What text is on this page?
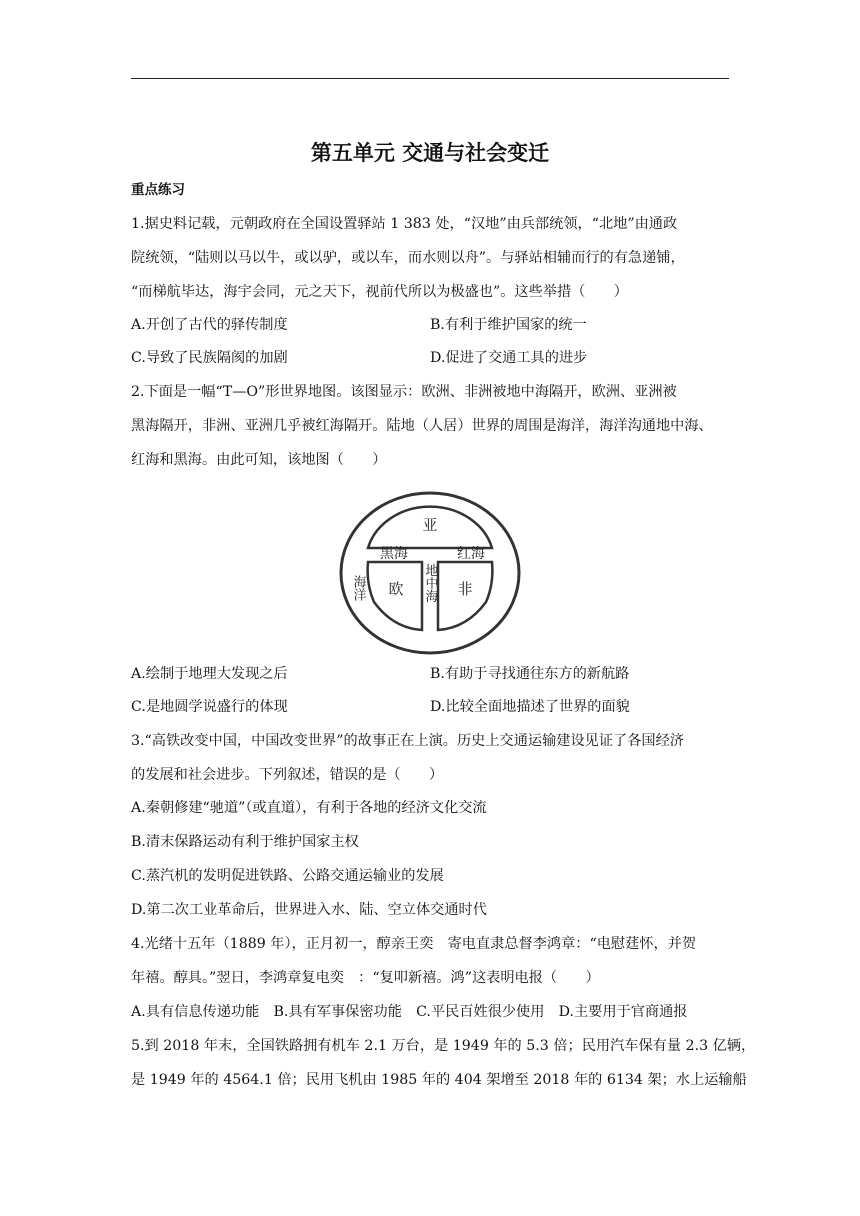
第五单元 交通与社会变迁
重点练习
1.据史料记载，元朝政府在全国设置驿站 1 383 处，“汉地”由兵部统领，“北地”由通政
院统领，“陆则以马以牛，或以驴，或以车，而水则以舟”。与驿站相辅而行的有急递铺，
“而梯航毕达，海宇会同，元之天下，视前代所以为极盛也”。这些举措（　　）
A.开创了古代的驿传制度	B.有利于维护国家的统一
C.导致了民族隔阂的加剧	D.促进了交通工具的进步
2.下面是一幅“T—O”形世界地图。该图显示：欧洲、非洲被地中海隔开，欧洲、亚洲被
黑海隔开，非洲、亚洲几乎被红海隔开。陆地（人居）世界的周围是海洋，海洋沟通地中海、
红海和黑海。由此可知，该地图（　　）
亚
黑海	红海
欧	非
地中海
海洋
A.绘制于地理大发现之后	B.有助于寻找通往东方的新航路
C.是地圆学说盛行的体现	D.比较全面地描述了世界的面貌
3.“高铁改变中国，中国改变世界”的故事正在上演。历史上交通运输建设见证了各国经济
的发展和社会进步。下列叙述，错误的是（　　）
A.秦朝修建“驰道”（或直道），有利于各地的经济文化交流
B.清末保路运动有利于维护国家主权
C.蒸汽机的发明促进铁路、公路交通运输业的发展
D.第二次工业革命后，世界进入水、陆、空立体交通时代
4.光绪十五年（1889 年），正月初一，醇亲王奕　寄电直隶总督李鸿章：“电慰莛怀，并贺
年禧。醇具。”翌日，李鸿章复电奕　：“复叩新禧。鸿”这表明电报（　　）
A.具有信息传递功能　B.具有军事保密功能　C.平民百姓很少使用　D.主要用于官商通报
5.到 2018 年末，全国铁路拥有机车 2.1 万台，是 1949 年的 5.3 倍；民用汽车保有量 2.3 亿辆，
是 1949 年的 4564.1 倍；民用飞机由 1985 年的 404 架增至 2018 年的 6134 架；水上运输船
